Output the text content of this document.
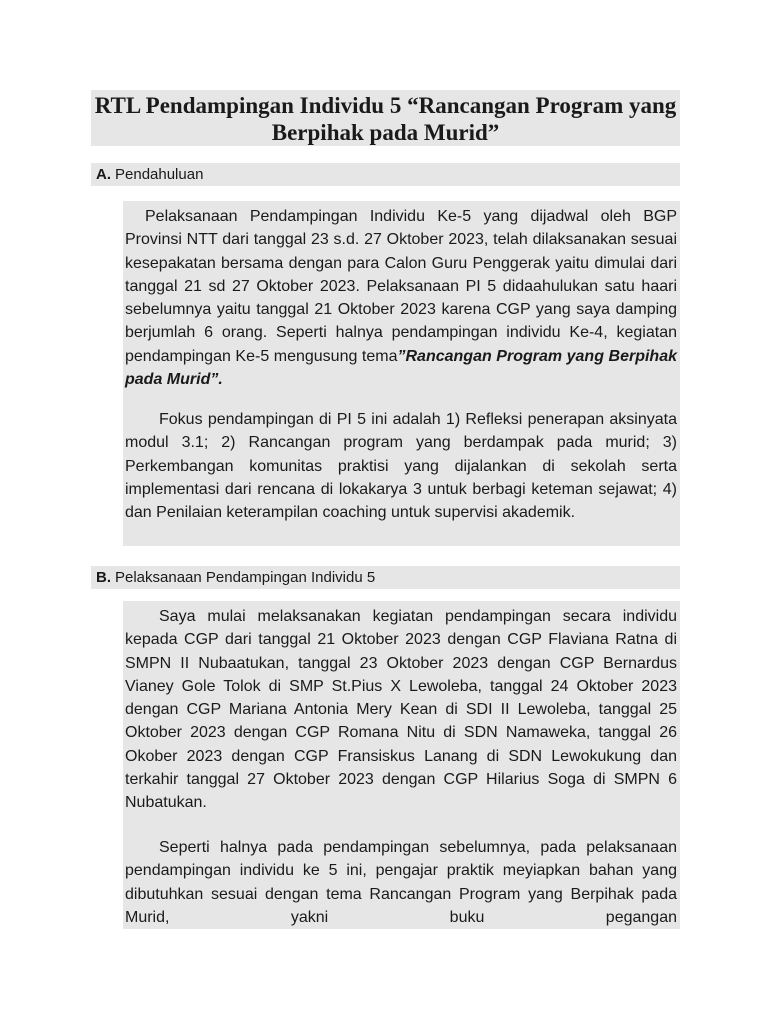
RTL Pendampingan Individu 5 “Rancangan Program yang Berpihak pada Murid”
A. Pendahuluan
Pelaksanaan Pendampingan Individu Ke-5 yang dijadwal oleh BGP Provinsi NTT dari tanggal 23 s.d. 27 Oktober 2023, telah dilaksanakan sesuai kesepakatan bersama dengan para Calon Guru Penggerak yaitu dimulai dari tanggal 21 sd 27 Oktober 2023. Pelaksanaan PI 5 didaahulukan satu haari sebelumnya yaitu tanggal 21 Oktober 2023 karena CGP yang saya damping berjumlah 6 orang. Seperti halnya pendampingan individu Ke-4, kegiatan pendampingan Ke-5 mengusung tema”Rancangan Program yang Berpihak pada Murid”.
Fokus pendampingan di PI 5 ini adalah 1) Refleksi penerapan aksinyata modul 3.1; 2) Rancangan program yang berdampak pada murid; 3) Perkembangan komunitas praktisi yang dijalankan di sekolah serta implementasi dari rencana di lokakarya 3 untuk berbagi keteman sejawat; 4) dan Penilaian keterampilan coaching untuk supervisi akademik.
B. Pelaksanaan Pendampingan Individu 5
Saya mulai melaksanakan kegiatan pendampingan secara individu kepada CGP dari tanggal 21 Oktober 2023 dengan CGP Flaviana Ratna di SMPN II Nubaatukan, tanggal 23 Oktober 2023 dengan CGP Bernardus Vianey Gole Tolok di SMP St.Pius X Lewoleba, tanggal 24 Oktober 2023 dengan CGP Mariana Antonia Mery Kean di SDI II Lewoleba, tanggal 25 Oktober 2023 dengan CGP Romana Nitu di SDN Namaweka, tanggal 26 Okober 2023 dengan CGP Fransiskus Lanang di SDN Lewokukung dan terkahir tanggal 27 Oktober 2023 dengan CGP Hilarius Soga di SMPN 6 Nubatukan.
Seperti halnya pada pendampingan sebelumnya, pada pelaksanaan pendampingan individu ke 5 ini, pengajar praktik meyiapkan bahan yang dibutuhkan sesuai dengan tema Rancangan Program yang Berpihak pada Murid, yakni buku pegangan
